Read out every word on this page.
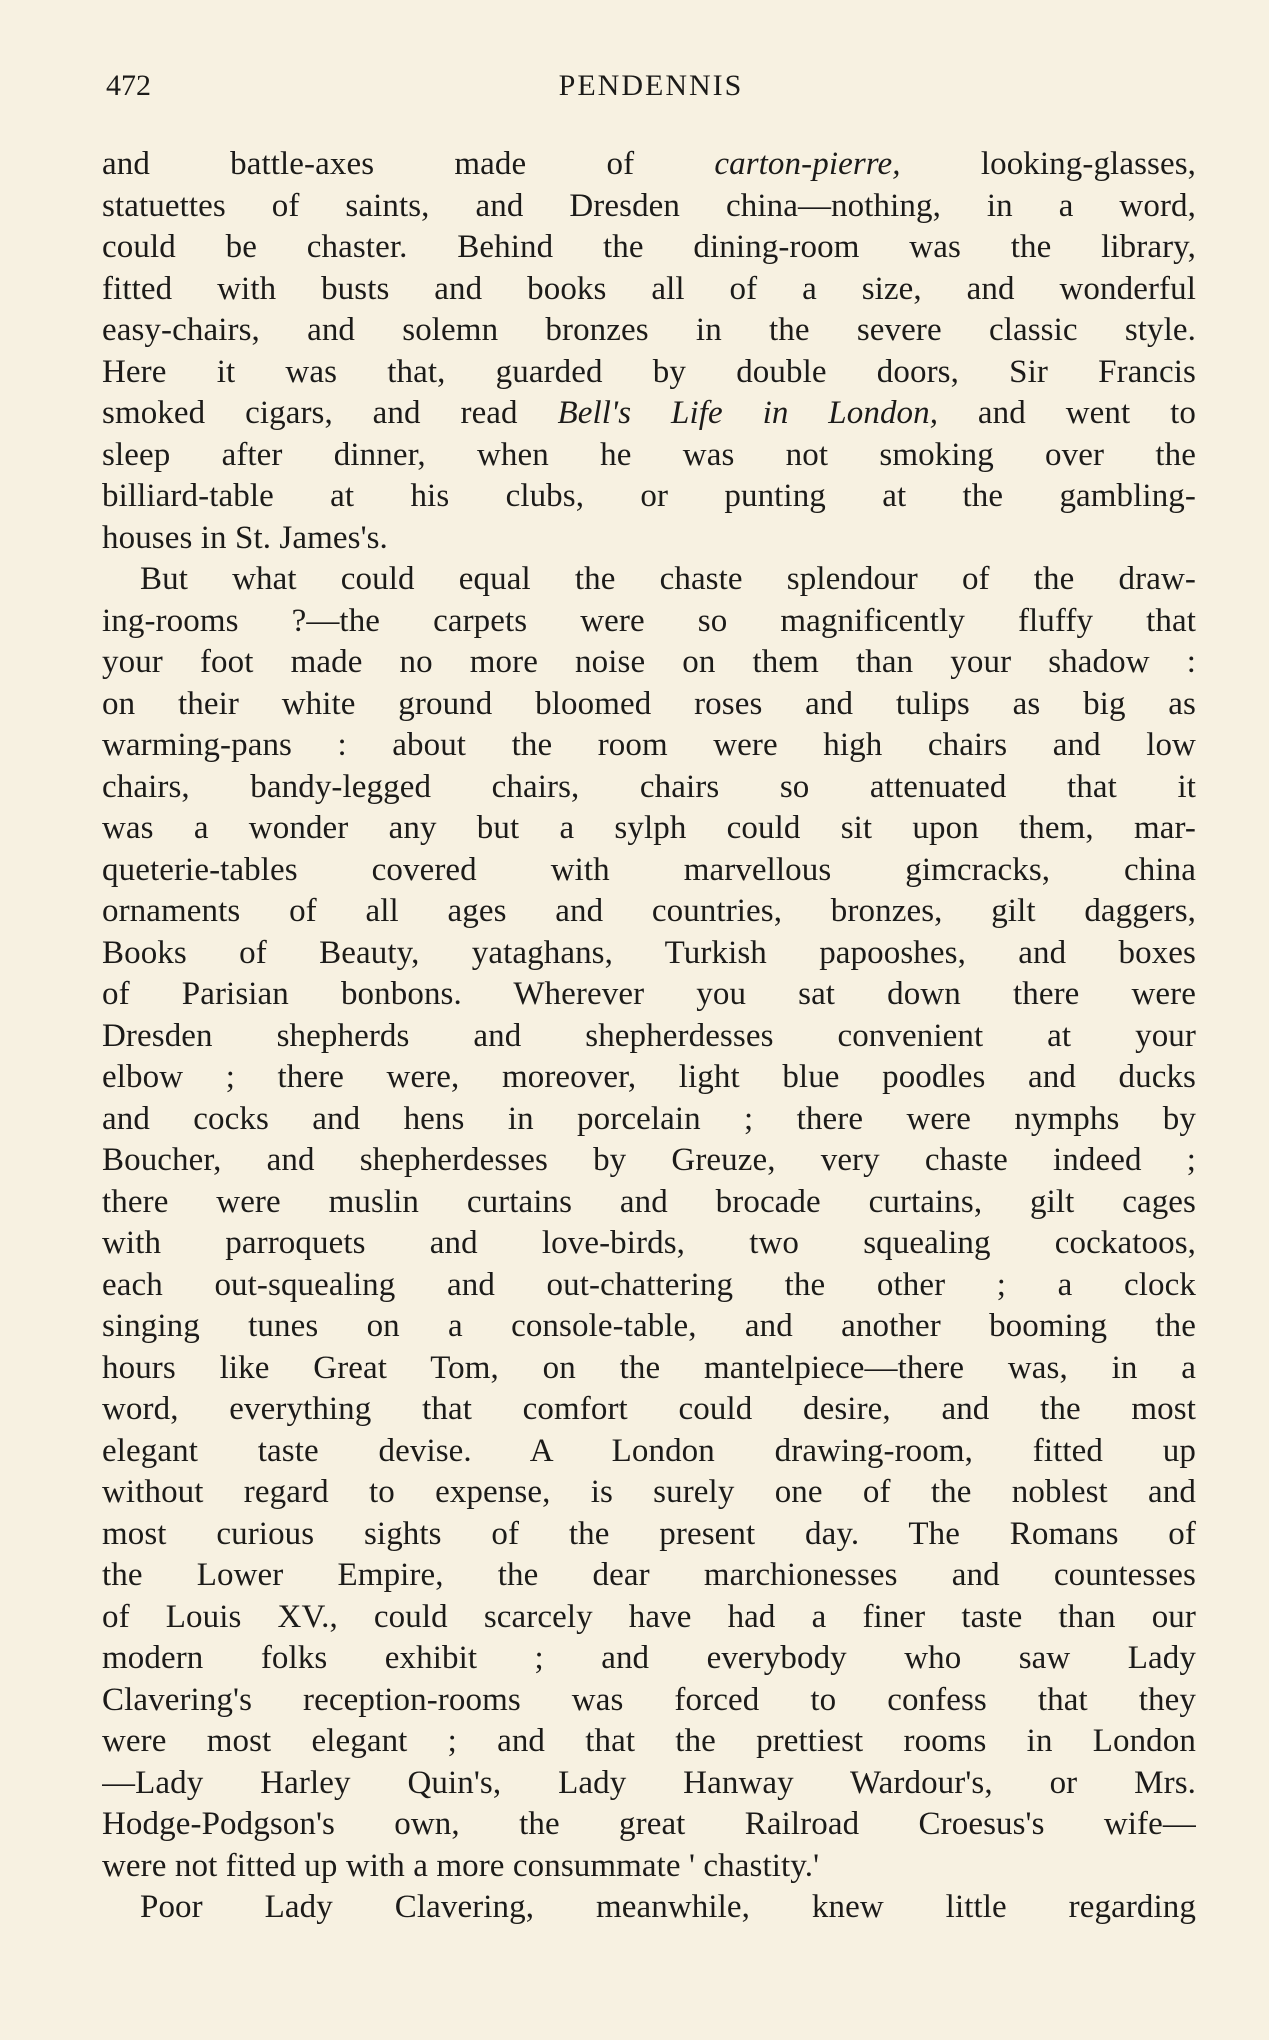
472	PENDENNIS
and battle-axes made of carton-pierre, looking-glasses,
statuettes of saints, and Dresden china—nothing, in a word,
could be chaster. Behind the dining-room was the library,
fitted with busts and books all of a size, and wonderful
easy-chairs, and solemn bronzes in the severe classic style.
Here it was that, guarded by double doors, Sir Francis
smoked cigars, and read Bell's Life in London, and went to
sleep after dinner, when he was not smoking over the
billiard-table at his clubs, or punting at the gambling-
houses in St. James's.
But what could equal the chaste splendour of the draw-
ing-rooms ?—the carpets were so magnificently fluffy that
your foot made no more noise on them than your shadow :
on their white ground bloomed roses and tulips as big as
warming-pans : about the room were high chairs and low
chairs, bandy-legged chairs, chairs so attenuated that it
was a wonder any but a sylph could sit upon them, mar-
queterie-tables covered with marvellous gimcracks, china
ornaments of all ages and countries, bronzes, gilt daggers,
Books of Beauty, yataghans, Turkish papooshes, and boxes
of Parisian bonbons. Wherever you sat down there were
Dresden shepherds and shepherdesses convenient at your
elbow ; there were, moreover, light blue poodles and ducks
and cocks and hens in porcelain ; there were nymphs by
Boucher, and shepherdesses by Greuze, very chaste indeed ;
there were muslin curtains and brocade curtains, gilt cages
with parroquets and love-birds, two squealing cockatoos,
each out-squealing and out-chattering the other ; a clock
singing tunes on a console-table, and another booming the
hours like Great Tom, on the mantelpiece—there was, in a
word, everything that comfort could desire, and the most
elegant taste devise. A London drawing-room, fitted up
without regard to expense, is surely one of the noblest and
most curious sights of the present day. The Romans of
the Lower Empire, the dear marchionesses and countesses
of Louis XV., could scarcely have had a finer taste than our
modern folks exhibit ; and everybody who saw Lady
Clavering's reception-rooms was forced to confess that they
were most elegant ; and that the prettiest rooms in London
—Lady Harley Quin's, Lady Hanway Wardour's, or Mrs.
Hodge-Podgson's own, the great Railroad Croesus's wife—
were not fitted up with a more consummate ' chastity.'
Poor Lady Clavering, meanwhile, knew little regarding
